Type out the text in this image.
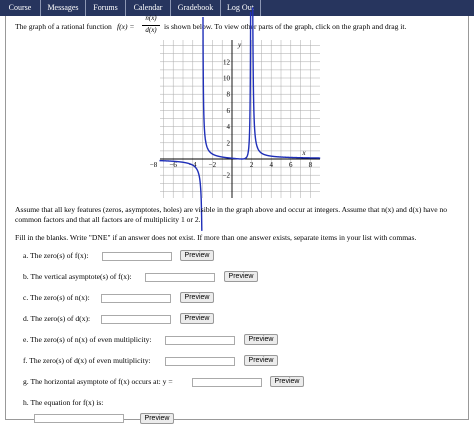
Course	Messages	Forums	Calendar	Gradebook	Log Out
The graph of a rational function f(x) =
n(x)
d(x) is shown below. To view other parts of the graph, click on the graph and drag it.
−8 −6 −4 −2	2 4 6 8
12
10
8
6
4
2
−2
x
y
Assume that all key features (zeros, asymptotes, holes) are visible in the graph above and occur at integers. Assume that n(x) and d(x) have no common factors and that all factors are of multiplicity 1 or 2.
Fill in the blanks. Write "DNE" if an answer does not exist. If more than one answer exists, separate items in your list with commas.
a. The zero(s) of f(x):	Preview
b. The vertical asymptote(s) of f(x):	Preview
c. The zero(s) of n(x):	Preview
d. The zero(s) of d(x):	Preview
e. The zero(s) of n(x) of even multiplicity:	Preview
f. The zero(s) of d(x) of even multiplicity:	Preview
g. The horizontal asymptote of f(x) occurs at: y =	Preview
h. The equation for f(x) is:
Preview
